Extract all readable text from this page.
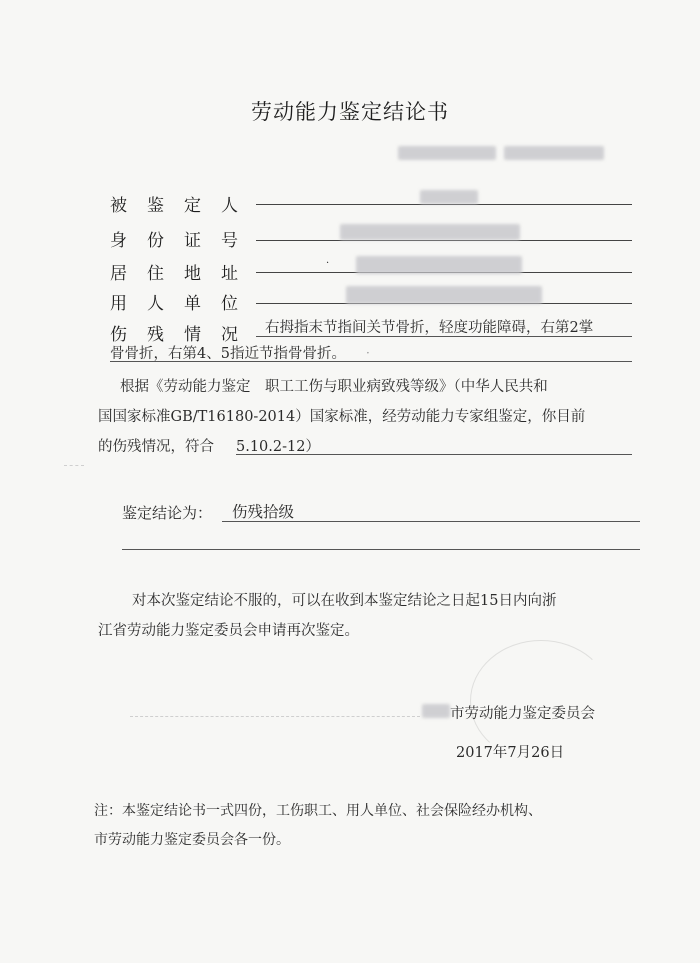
劳动能力鉴定结论书
被鉴定人
身份证号
居住地址
·
用人单位
伤残情况 右拇指末节指间关节骨折，轻度功能障碍，右第2掌
骨骨折，右第4、5指近节指骨骨折。 ·
根据《劳动能力鉴定　职工工伤与职业病致残等级》（中华人民共和
国国家标准GB/T16180-2014）国家标准，经劳动能力专家组鉴定，你目前
的伤残情况，符合 5.10.2-12）
鉴定结论为： 伤残拾级
对本次鉴定结论不服的，可以在收到本鉴定结论之日起15日内向浙
江省劳动能力鉴定委员会申请再次鉴定。
市劳动能力鉴定委员会
2017年7月26日
注：本鉴定结论书一式四份，工伤职工、用人单位、社会保险经办机构、
市劳动能力鉴定委员会各一份。
